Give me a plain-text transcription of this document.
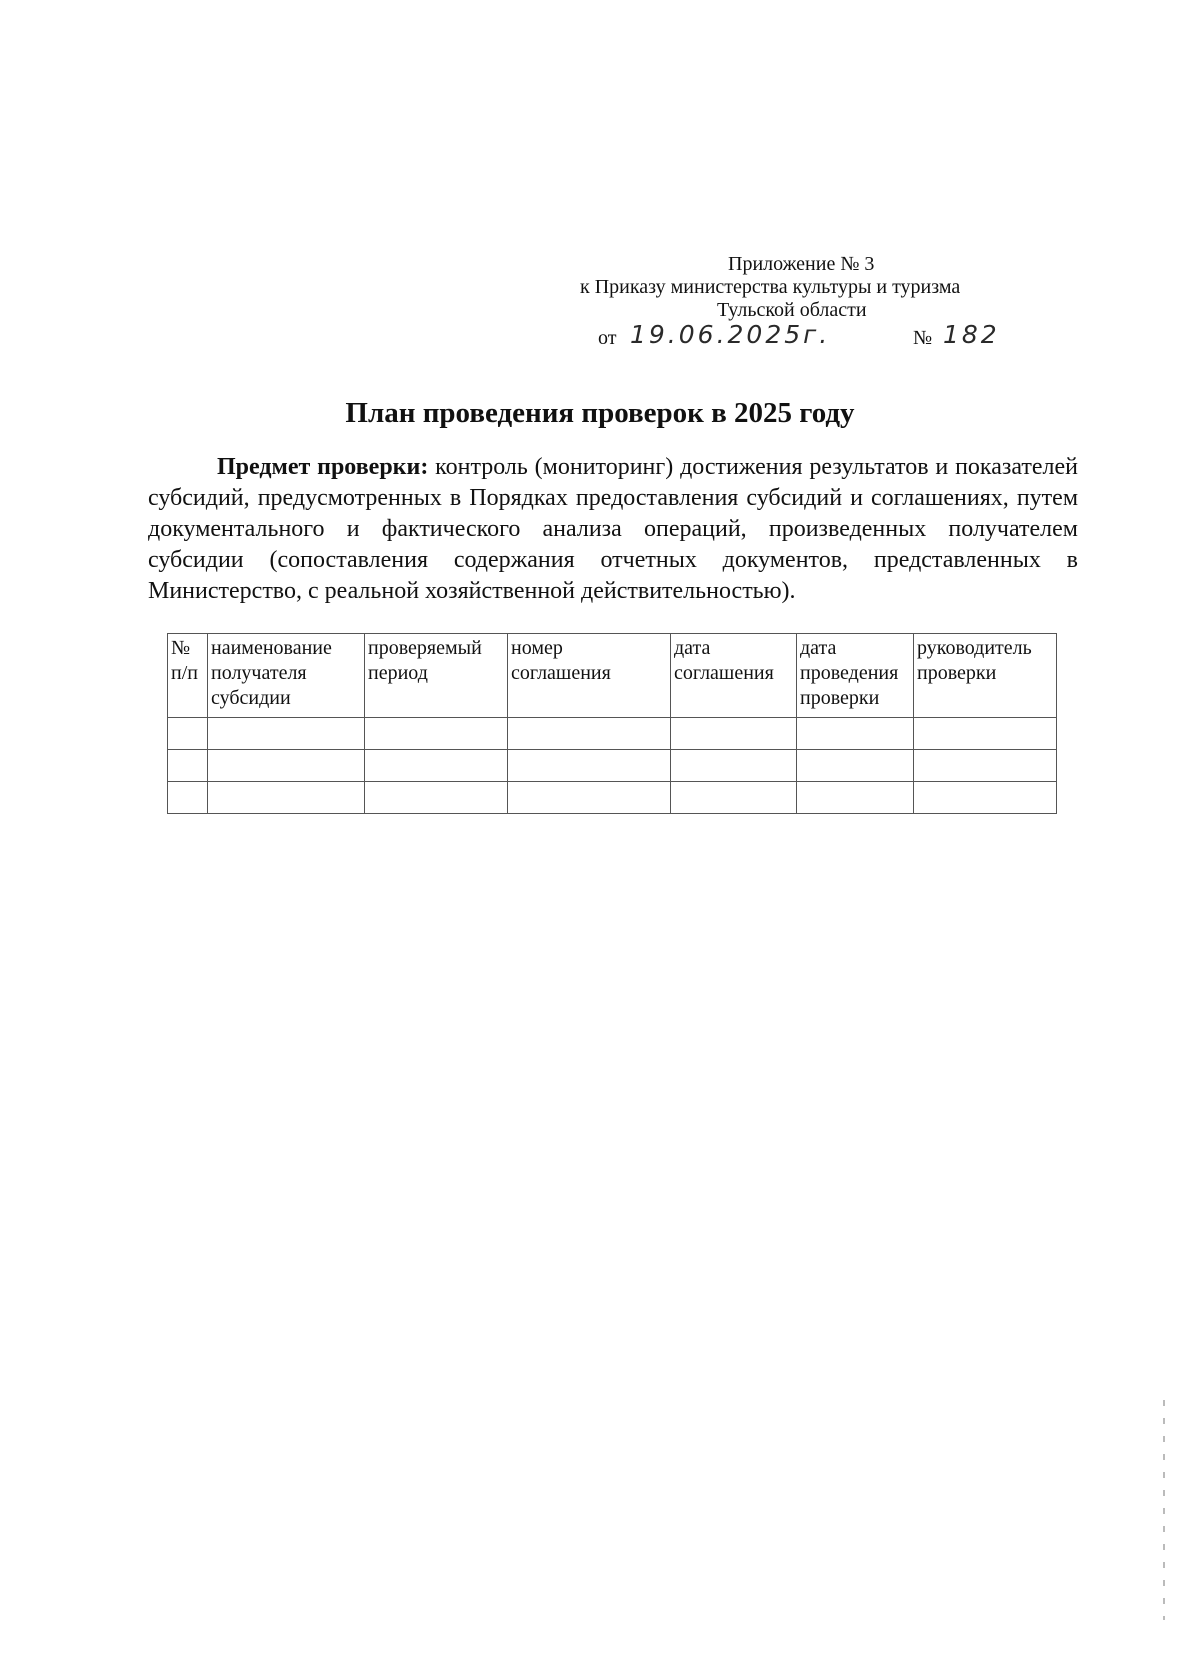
Приложение № 3
к Приказу министерства культуры и туризма
Тульской области
от 19.06.2025г.	№ 182
План проведения проверок в 2025 году
Предмет проверки: контроль (мониторинг) достижения результатов и показателей субсидий, предусмотренных в Порядках предоставления субсидий и соглашениях, путем документального и фактического анализа операций, произведенных получателем субсидии (сопоставления содержания отчетных документов, представленных в Министерство, с реальной хозяйственной действительностью).
№ п/п	наименование получателя субсидии	проверяемый период	номер соглашения	дата соглашения	дата проведения проверки	руководитель проверки
